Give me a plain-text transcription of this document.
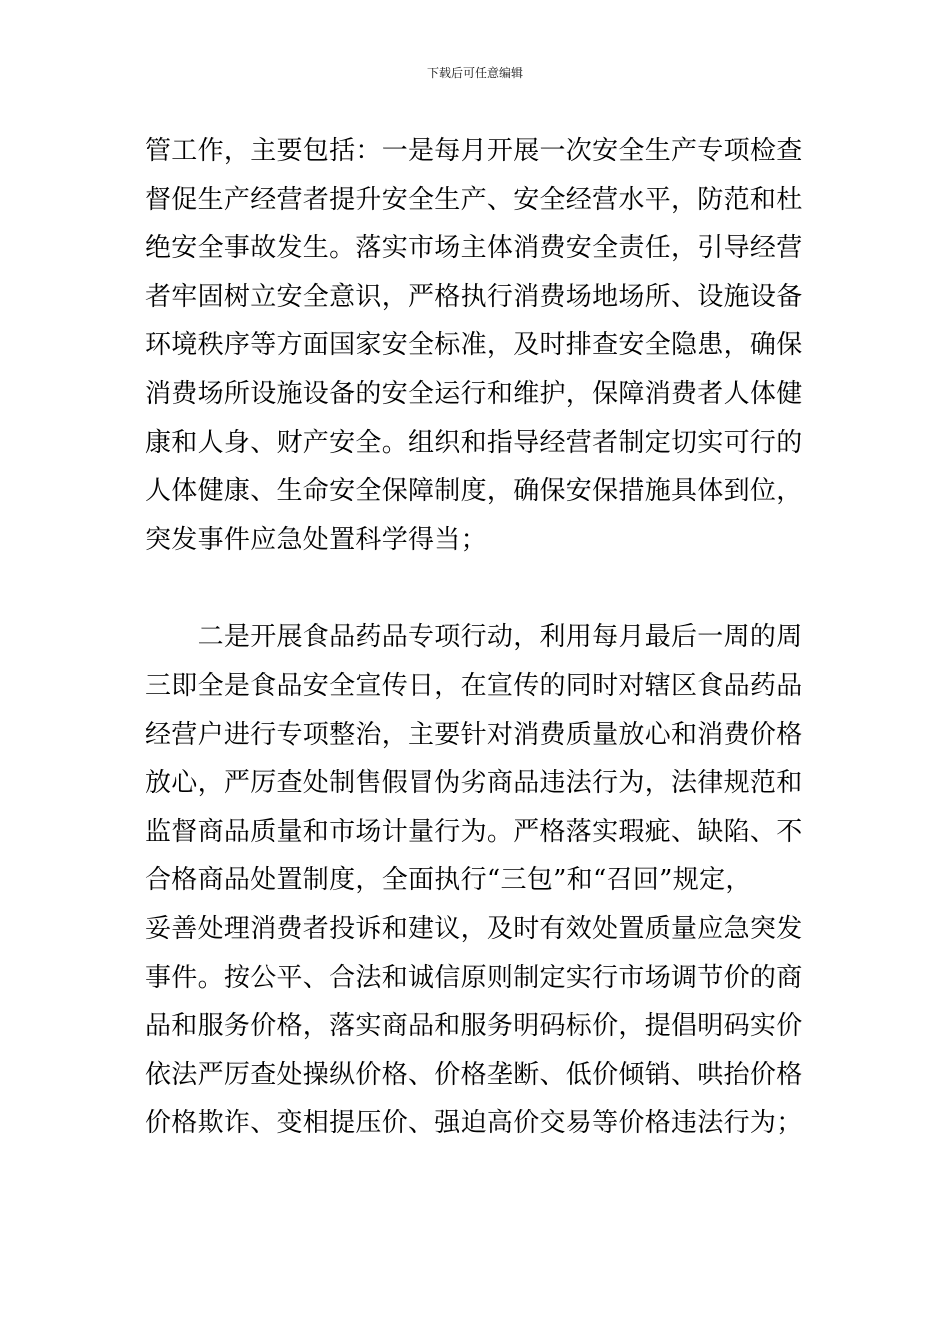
下载后可任意编辑
管工作，主要包括：一是每月开展一次安全生产专项检查
督促生产经营者提升安全生产、安全经营水平，防范和杜
绝安全事故发生。落实市场主体消费安全责任，引导经营
者牢固树立安全意识，严格执行消费场地场所、设施设备
环境秩序等方面国家安全标准，及时排查安全隐患，确保
消费场所设施设备的安全运行和维护，保障消费者人体健
康和人身、财产安全。组织和指导经营者制定切实可行的
人体健康、生命安全保障制度，确保安保措施具体到位，
突发事件应急处置科学得当；
　　二是开展食品药品专项行动，利用每月最后一周的周
三即全是食品安全宣传日，在宣传的同时对辖区食品药品
经营户进行专项整治，主要针对消费质量放心和消费价格
放心，严厉查处制售假冒伪劣商品违法行为，法律规范和
监督商品质量和市场计量行为。严格落实瑕疵、缺陷、不
合格商品处置制度，全面执行“三包”和“召回”规定，
妥善处理消费者投诉和建议，及时有效处置质量应急突发
事件。按公平、合法和诚信原则制定实行市场调节价的商
品和服务价格，落实商品和服务明码标价，提倡明码实价
依法严厉查处操纵价格、价格垄断、低价倾销、哄抬价格
价格欺诈、变相提压价、强迫高价交易等价格违法行为；
